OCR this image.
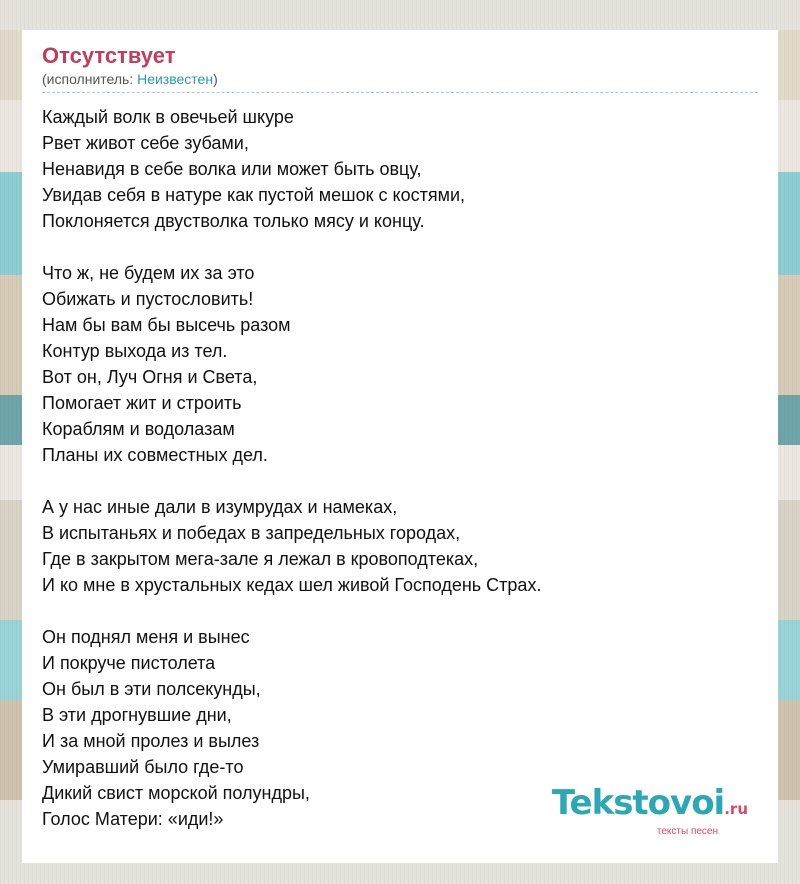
Отсутствует
(исполнитель: Неизвестен)
Каждый волк в овечьей шкуре
Рвет живот себе зубами,
Ненавидя в себе волка или может быть овцу,
Увидав себя в натуре как пустой мешок с костями,
Поклоняется двустволка только мясу и концу.
Что ж, не будем их за это
Обижать и пустословить!
Нам бы вам бы высечь разом
Контур выхода из тел.
Вот он, Луч Огня и Света,
Помогает жит и строить
Кораблям и водолазам
Планы их совместных дел.
А у нас иные дали в изумрудах и намеках,
В испытаньях и победах в запредельных городах,
Где в закрытом мега-зале я лежал в кровоподтеках,
И ко мне в хрустальных кедах шел живой Господень Страх.
Он поднял меня и вынес
И покруче пистолета
Он был в эти полсекунды,
В эти дрогнувшие дни,
И за мной пролез и вылез
Умиравший было где-то
Дикий свист морской полундры,
Голос Матери: «иди!»	Tekstovoi.ru
тексты песен
